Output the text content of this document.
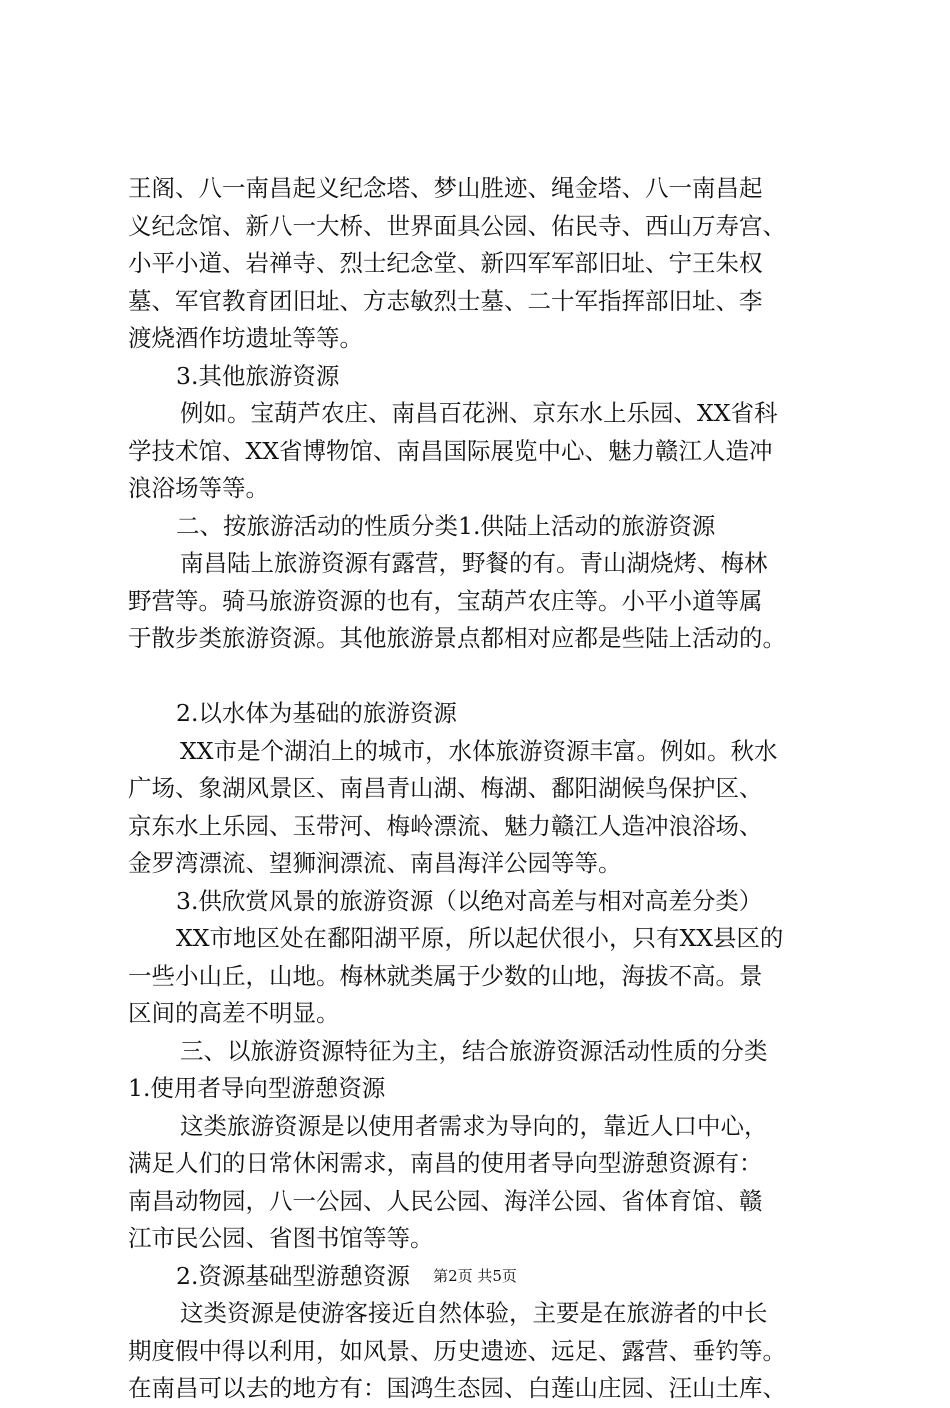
王阁、八一南昌起义纪念塔、梦山胜迹、绳金塔、八一南昌起
义纪念馆、新八一大桥、世界面具公园、佑民寺、西山万寿宫、
小平小道、岩禅寺、烈士纪念堂、新四军军部旧址、宁王朱权
墓、军官教育团旧址、方志敏烈士墓、二十军指挥部旧址、李
渡烧酒作坊遗址等等。
3.其他旅游资源
例如。宝葫芦农庄、南昌百花洲、京东水上乐园、XX省科
学技术馆、XX省博物馆、南昌国际展览中心、魅力赣江人造冲
浪浴场等等。
二、按旅游活动的性质分类1.供陆上活动的旅游资源
南昌陆上旅游资源有露营，野餐的有。青山湖烧烤、梅林
野营等。骑马旅游资源的也有，宝葫芦农庄等。小平小道等属
于散步类旅游资源。其他旅游景点都相对应都是些陆上活动的。
2.以水体为基础的旅游资源
XX市是个湖泊上的城市，水体旅游资源丰富。例如。秋水
广场、象湖风景区、南昌青山湖、梅湖、鄱阳湖候鸟保护区、
京东水上乐园、玉带河、梅岭漂流、魅力赣江人造冲浪浴场、
金罗湾漂流、望狮涧漂流、南昌海洋公园等等。
3.供欣赏风景的旅游资源（以绝对高差与相对高差分类）
XX市地区处在鄱阳湖平原，所以起伏很小，只有XX县区的
一些小山丘，山地。梅林就类属于少数的山地，海拔不高。景
区间的高差不明显。
三、以旅游资源特征为主，结合旅游资源活动性质的分类
1.使用者导向型游憩资源
这类旅游资源是以使用者需求为导向的，靠近人口中心，
满足人们的日常休闲需求，南昌的使用者导向型游憩资源有：
南昌动物园，八一公园、人民公园、海洋公园、省体育馆、赣
江市民公园、省图书馆等等。
2.资源基础型游憩资源
这类资源是使游客接近自然体验，主要是在旅游者的中长
期度假中得以利用，如风景、历史遗迹、远足、露营、垂钓等。
在南昌可以去的地方有：国鸿生态园、白莲山庄园、汪山土库、
第2页 共5页
